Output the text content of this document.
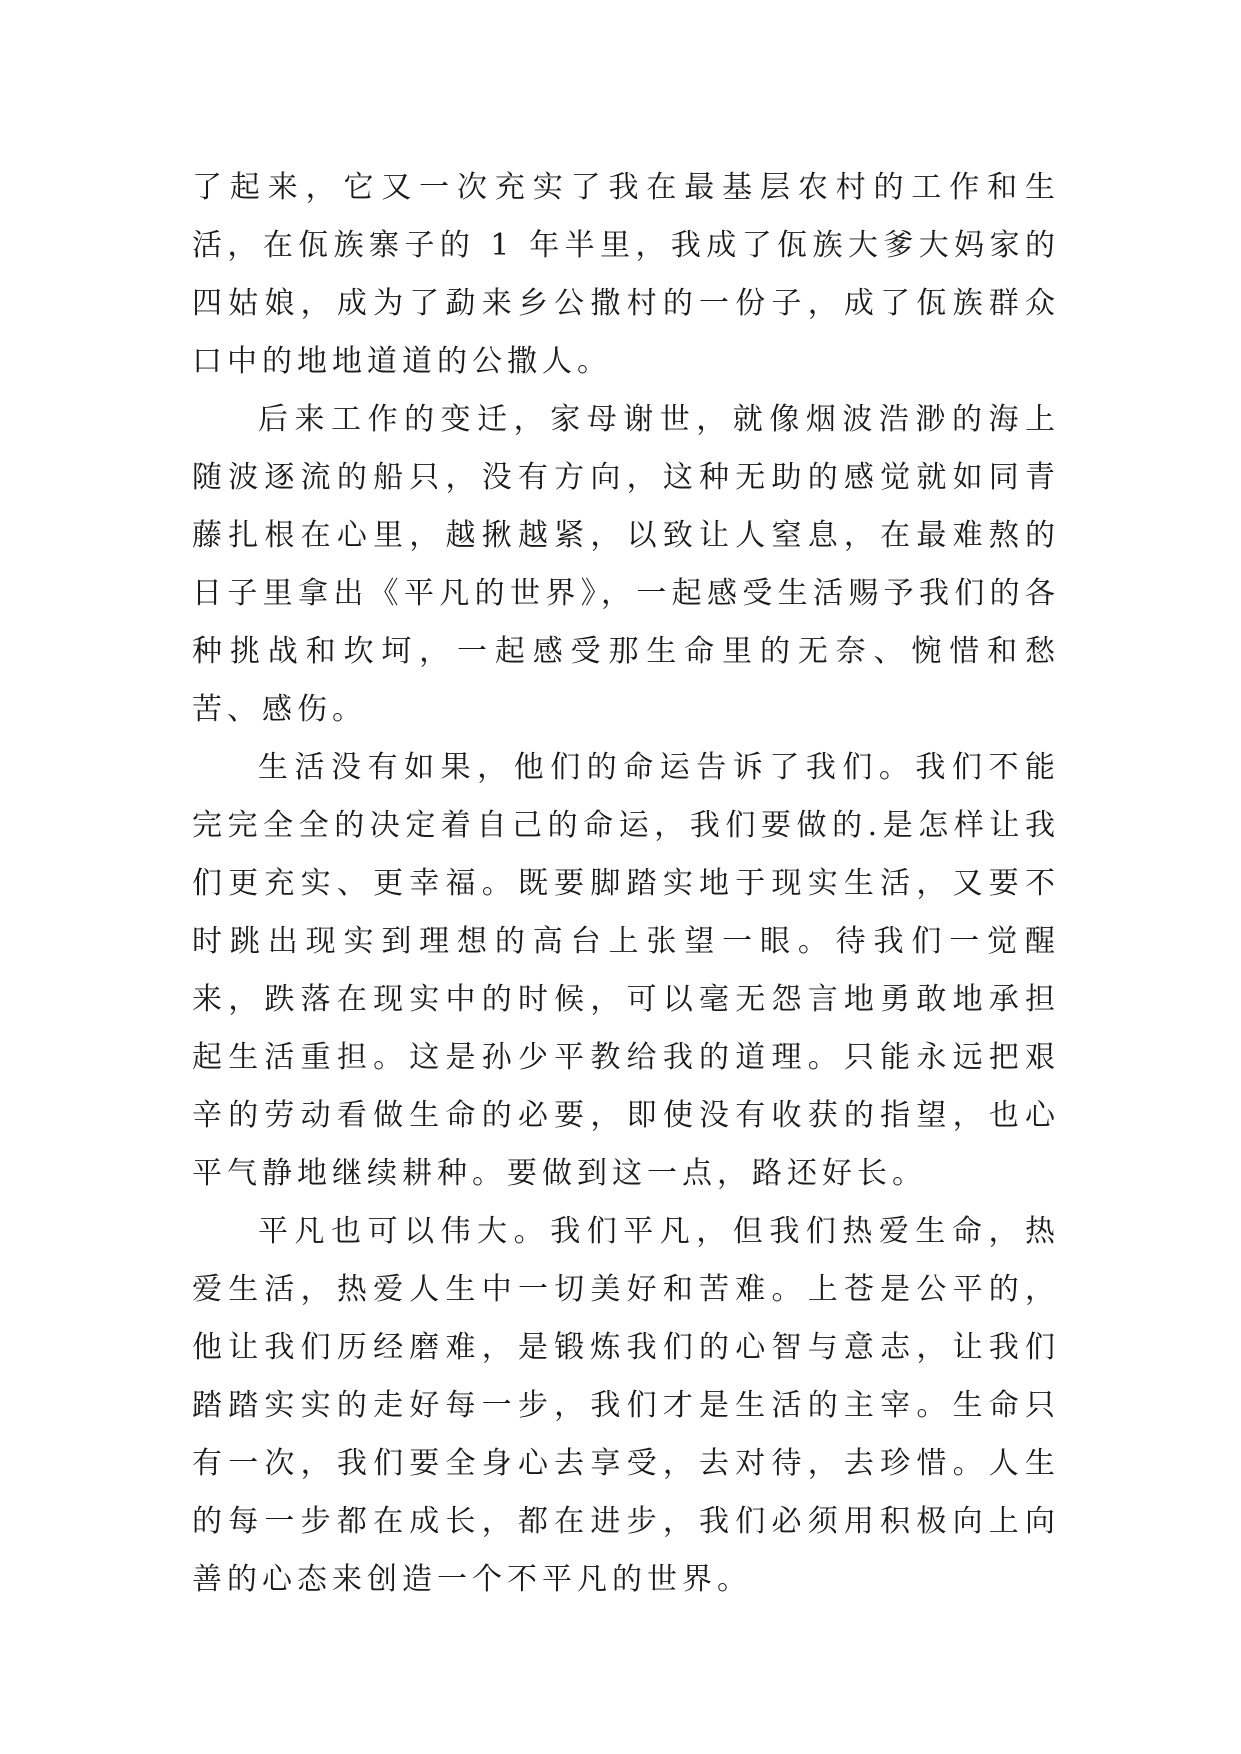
了起来，它又一次充实了我在最基层农村的工作和生活，在佤族寨子的 1 年半里，我成了佤族大爹大妈家的四姑娘，成为了勐来乡公撒村的一份子，成了佤族群众口中的地地道道的公撒人。

后来工作的变迁，家母谢世，就像烟波浩渺的海上随波逐流的船只，没有方向，这种无助的感觉就如同青藤扎根在心里，越揪越紧，以致让人窒息，在最难熬的日子里拿出《平凡的世界》，一起感受生活赐予我们的各种挑战和坎坷，一起感受那生命里的无奈、惋惜和愁苦、感伤。

生活没有如果，他们的命运告诉了我们。我们不能完完全全的决定着自己的命运，我们要做的.是怎样让我们更充实、更幸福。既要脚踏实地于现实生活，又要不时跳出现实到理想的高台上张望一眼。待我们一觉醒来，跌落在现实中的时候，可以毫无怨言地勇敢地承担起生活重担。这是孙少平教给我的道理。只能永远把艰辛的劳动看做生命的必要，即使没有收获的指望，也心平气静地继续耕种。要做到这一点，路还好长。

平凡也可以伟大。我们平凡，但我们热爱生命，热爱生活，热爱人生中一切美好和苦难。上苍是公平的，他让我们历经磨难，是锻炼我们的心智与意志，让我们踏踏实实的走好每一步，我们才是生活的主宰。生命只有一次，我们要全身心去享受，去对待，去珍惜。人生的每一步都在成长，都在进步，我们必须用积极向上向善的心态来创造一个不平凡的世界。
